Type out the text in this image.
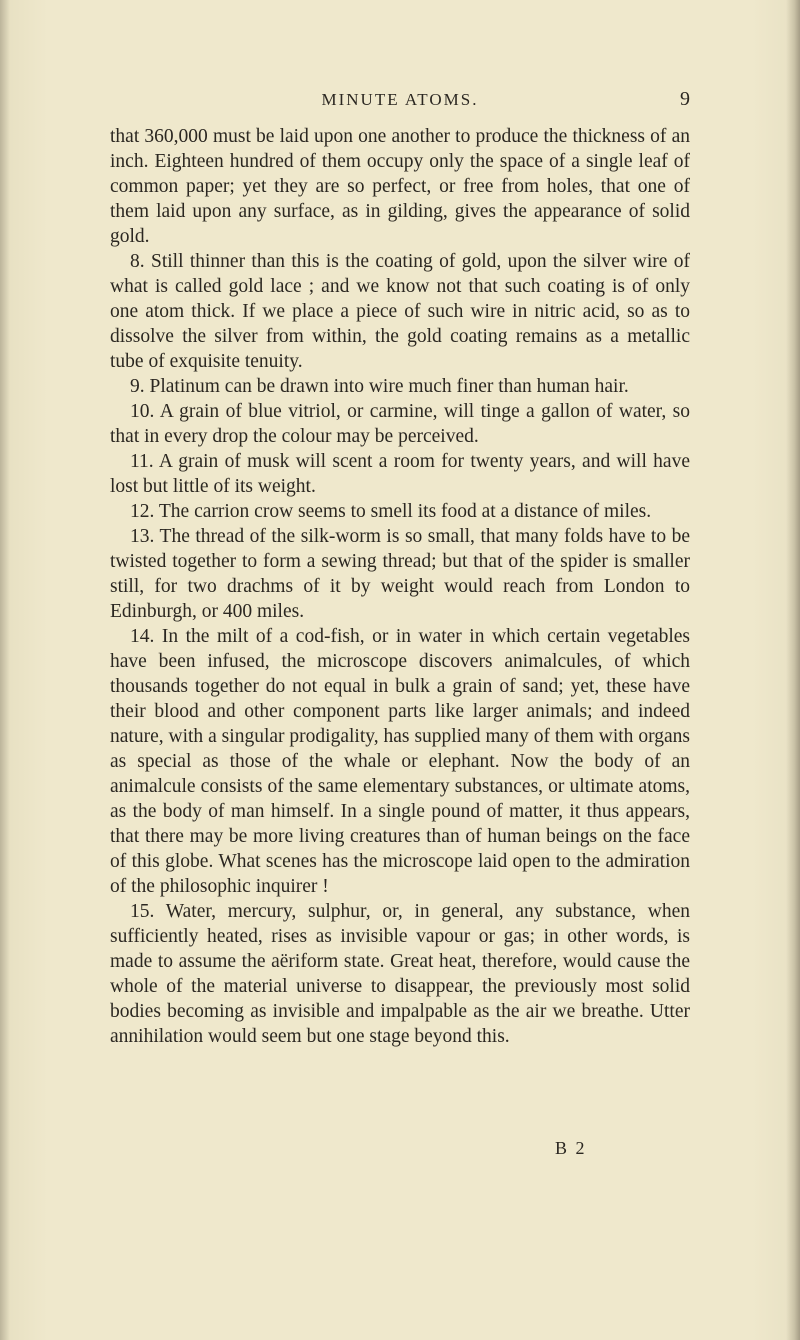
MINUTE ATOMS.	9

that 360,000 must be laid upon one another to produce the thickness of an inch. Eighteen hundred of them occupy only the space of a single leaf of common paper; yet they are so perfect, or free from holes, that one of them laid upon any surface, as in gilding, gives the appearance of solid gold.

8. Still thinner than this is the coating of gold, upon the silver wire of what is called gold lace ; and we know not that such coating is of only one atom thick. If we place a piece of such wire in nitric acid, so as to dissolve the silver from within, the gold coating remains as a metallic tube of exquisite tenuity.

9. Platinum can be drawn into wire much finer than human hair.

10. A grain of blue vitriol, or carmine, will tinge a gallon of water, so that in every drop the colour may be perceived.

11. A grain of musk will scent a room for twenty years, and will have lost but little of its weight.

12. The carrion crow seems to smell its food at a distance of miles.

13. The thread of the silk-worm is so small, that many folds have to be twisted together to form a sewing thread; but that of the spider is smaller still, for two drachms of it by weight would reach from London to Edinburgh, or 400 miles.

14. In the milt of a cod-fish, or in water in which certain vegetables have been infused, the microscope discovers animalcules, of which thousands together do not equal in bulk a grain of sand; yet, these have their blood and other component parts like larger animals; and indeed nature, with a singular prodigality, has supplied many of them with organs as special as those of the whale or elephant. Now the body of an animalcule consists of the same elementary substances, or ultimate atoms, as the body of man himself. In a single pound of matter, it thus appears, that there may be more living creatures than of human beings on the face of this globe. What scenes has the microscope laid open to the admiration of the philosophic inquirer !

15. Water, mercury, sulphur, or, in general, any substance, when sufficiently heated, rises as invisible vapour or gas; in other words, is made to assume the aëriform state. Great heat, therefore, would cause the whole of the material universe to disappear, the previously most solid bodies becoming as invisible and impalpable as the air we breathe. Utter annihilation would seem but one stage beyond this.

B 2
